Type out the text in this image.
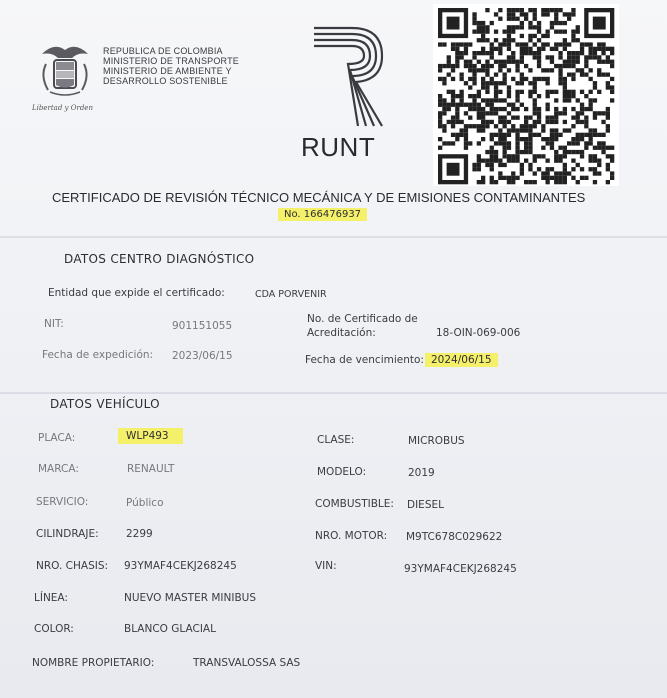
Libertad y Orden
REPUBLICA DE COLOMBIA
MINISTERIO DE TRANSPORTE
MINISTERIO DE AMBIENTE Y
DESARROLLO SOSTENIBLE
RUNT
CERTIFICADO DE REVISIÓN TÉCNICO MECÁNICA Y DE EMISIONES CONTAMINANTES
No. 166476937
DATOS CENTRO DIAGNÓSTICO
Entidad que expide el certificado:	CDA PORVENIR
NIT:	901151055
No. de Certificado de
Acreditación:	18-OIN-069-006
Fecha de expedición: 2023/06/15	Fecha de vencimiento: 2024/06/15
DATOS VEHÍCULO
PLACA:	WLP493	CLASE:	MICROBUS
MARCA:	RENAULT	MODELO:	2019
SERVICIO:	Público	COMBUSTIBLE: DIESEL
CILINDRAJE:	2299	NRO. MOTOR: M9TC678C029622
NRO. CHASIS: 93YMAF4CEKJ268245	VIN:	93YMAF4CEKJ268245
LÍNEA:	NUEVO MASTER MINIBUS
COLOR:	BLANCO GLACIAL
NOMBRE PROPIETARIO:	TRANSVALOSSA SAS
